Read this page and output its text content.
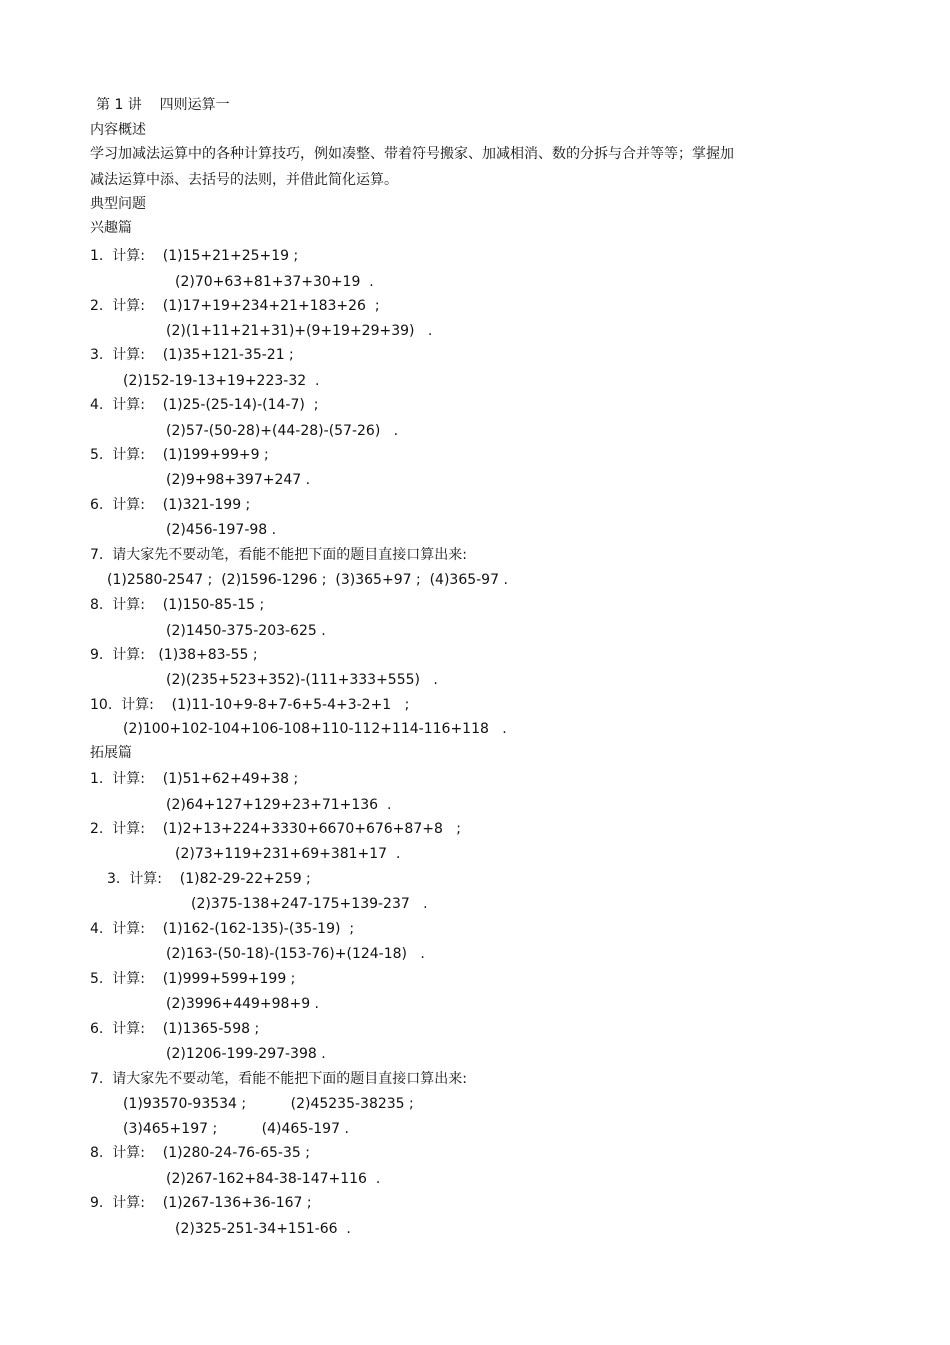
第 1 讲    四则运算一
内容概述
学习加减法运算中的各种计算技巧，例如凑整、带着符号搬家、加减相消、数的分拆与合并等等；掌握加
减法运算中添、去括号的法则，并借此简化运算。
典型问题
兴趣篇
1.  计算:    (1)15+21+25+19 ;
(2)70+63+81+37+30+19  .
2.  计算:    (1)17+19+234+21+183+26  ;
(2)(1+11+21+31)+(9+19+29+39)   .
3.  计算:    (1)35+121-35-21 ;
(2)152-19-13+19+223-32  .
4.  计算:    (1)25-(25-14)-(14-7)  ;
(2)57-(50-28)+(44-28)-(57-26)   .
5.  计算:    (1)199+99+9 ;
(2)9+98+397+247 .
6.  计算:    (1)321-199 ;
(2)456-197-98 .
7.  请大家先不要动笔，看能不能把下面的题目直接口算出来:
(1)2580-2547 ;  (2)1596-1296 ;  (3)365+97 ;  (4)365-97 .
8.  计算:    (1)150-85-15 ;
(2)1450-375-203-625 .
9.  计算:   (1)38+83-55 ;
(2)(235+523+352)-(111+333+555)   .
10.  计算:    (1)11-10+9-8+7-6+5-4+3-2+1   ;
(2)100+102-104+106-108+110-112+114-116+118   .
拓展篇
1.  计算:    (1)51+62+49+38 ;
(2)64+127+129+23+71+136  .
2.  计算:    (1)2+13+224+3330+6670+676+87+8   ;
(2)73+119+231+69+381+17  .
3.  计算:    (1)82-29-22+259 ;
(2)375-138+247-175+139-237   .
4.  计算:    (1)162-(162-135)-(35-19)  ;
(2)163-(50-18)-(153-76)+(124-18)   .
5.  计算:    (1)999+599+199 ;
(2)3996+449+98+9 .
6.  计算:    (1)1365-598 ;
(2)1206-199-297-398 .
7.  请大家先不要动笔，看能不能把下面的题目直接口算出来:
(1)93570-93534 ;          (2)45235-38235 ;
(3)465+197 ;          (4)465-197 .
8.  计算:    (1)280-24-76-65-35 ;
(2)267-162+84-38-147+116  .
9.  计算:    (1)267-136+36-167 ;
(2)325-251-34+151-66  .
